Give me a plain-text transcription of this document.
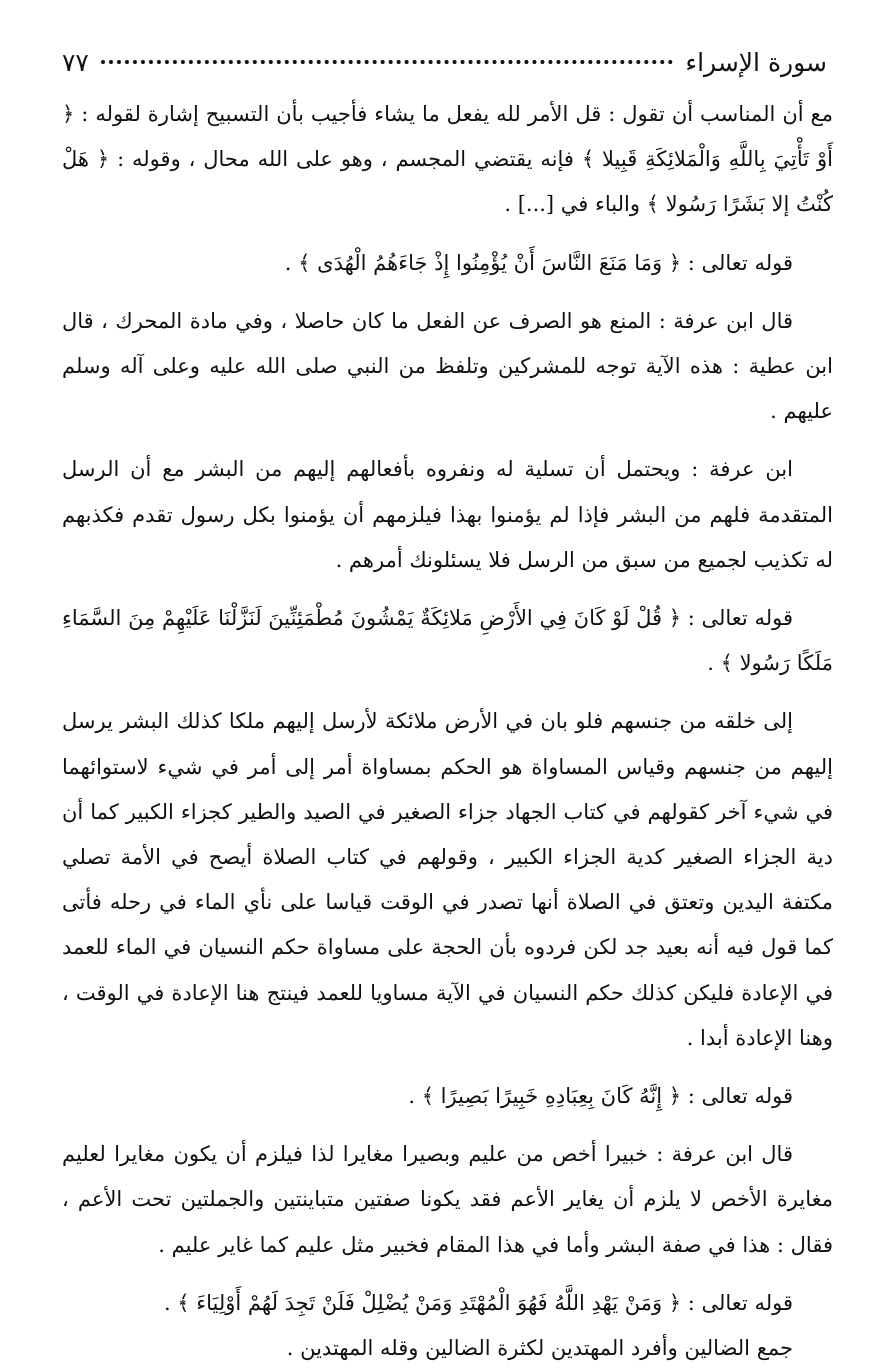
سورة الإسراء
٧٧

مع أن المناسب أن تقول : قل الأمر لله يفعل ما يشاء فأجيب بأن التسبيح إشارة لقوله : ﴿ أَوْ تَأْتِيَ بِاللَّهِ وَالْمَلائِكَةِ قَبِيلا ﴾ فإنه يقتضي المجسم ، وهو على الله محال ، وقوله : ﴿ هَلْ كُنْتُ إلا بَشَرًا رَسُولا ﴾ والباء في [...] .

قوله تعالى : ﴿ وَمَا مَنَعَ النَّاسَ أَنْ يُؤْمِنُوا إِذْ جَاءَهُمُ الْهُدَى ﴾ .

قال ابن عرفة : المنع هو الصرف عن الفعل ما كان حاصلا ، وفي مادة المحرك ، قال ابن عطية : هذه الآية توجه للمشركين وتلفظ من النبي صلى الله عليه وعلى آله وسلم عليهم .

ابن عرفة : ويحتمل أن تسلية له ونفروه بأفعالهم إليهم من البشر مع أن الرسل المتقدمة فلهم من البشر فإذا لم يؤمنوا بهذا فيلزمهم أن يؤمنوا بكل رسول تقدم فكذبهم له تكذيب لجميع من سبق من الرسل فلا يسئلونك أمرهم .

قوله تعالى : ﴿ قُلْ لَوْ كَانَ فِي الأَرْضِ مَلائِكَةٌ يَمْشُونَ مُطْمَئِنِّينَ لَنَزَّلْنَا عَلَيْهِمْ مِنَ السَّمَاءِ مَلَكًا رَسُولا ﴾ .

إلى خلقه من جنسهم فلو بان في الأرض ملائكة لأرسل إليهم ملكا كذلك البشر يرسل إليهم من جنسهم وقياس المساواة هو الحكم بمساواة أمر إلى أمر في شيء لاستوائهما في شيء آخر كقولهم في كتاب الجهاد جزاء الصغير في الصيد والطير كجزاء الكبير كما أن دية الجزاء الصغير كدية الجزاء الكبير ، وقولهم في كتاب الصلاة أيصح في الأمة تصلي مكتفة اليدين وتعتق في الصلاة أنها تصدر في الوقت قياسا على نأي الماء في رحله فأتى كما قول فيه أنه بعيد جد لكن فردوه بأن الحجة على مساواة حكم النسيان في الماء للعمد في الإعادة فليكن كذلك حكم النسيان في الآية مساويا للعمد فينتج هنا الإعادة في الوقت ، وهنا الإعادة أبدا .

قوله تعالى : ﴿ إِنَّهُ كَانَ بِعِبَادِهِ خَبِيرًا بَصِيرًا ﴾ .

قال ابن عرفة : خبيرا أخص من عليم وبصيرا مغايرا لذا فيلزم أن يكون مغايرا لعليم مغايرة الأخص لا يلزم أن يغاير الأعم فقد يكونا صفتين متباينتين والجملتين تحت الأعم ، فقال : هذا في صفة البشر وأما في هذا المقام فخبير مثل عليم كما غاير عليم .

قوله تعالى : ﴿ وَمَنْ يَهْدِ اللَّهُ فَهُوَ الْمُهْتَدِ وَمَنْ يُضْلِلْ فَلَنْ تَجِدَ لَهُمْ أَوْلِيَاءَ ﴾ .

جمع الضالين وأفرد المهتدين لكثرة الضالين وقله المهتدين .
